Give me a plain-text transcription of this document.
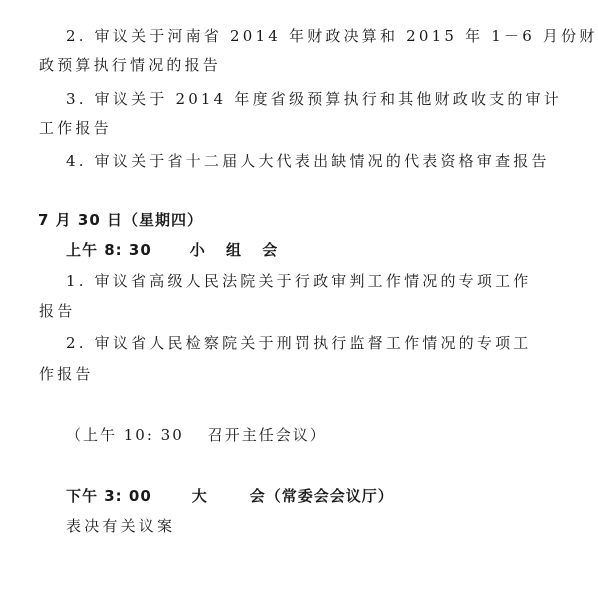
2. 审议关于河南省 2014 年财政决算和 2015 年 1－6 月份财
政预算执行情况的报告
3. 审议关于 2014 年度省级预算执行和其他财政收支的审计
工作报告
4. 审议关于省十二届人大代表出缺情况的代表资格审查报告
7 月 30 日（星期四）
上午 8: 30	小 组 会
1. 审议省高级人民法院关于行政审判工作情况的专项工作
报告
2. 审议省人民检察院关于刑罚执行监督工作情况的专项工
作报告
（上午 10: 30 召开主任会议）
下午 3: 00	大	会（常委会会议厅）
表决有关议案
